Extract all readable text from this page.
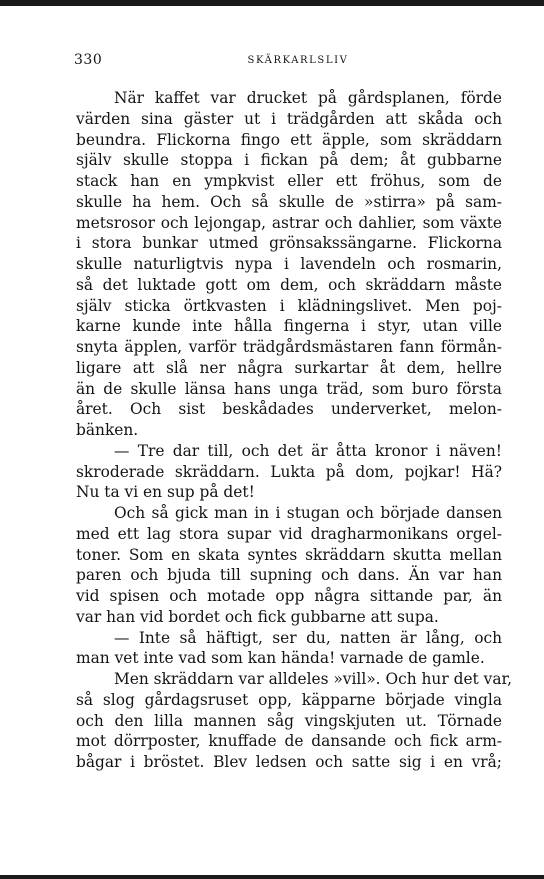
330	SKÄRKARLSLIV
När kaffet var drucket på gårdsplanen, förde
värden sina gäster ut i trädgården att skåda och
beundra. Flickorna fingo ett äpple, som skräddarn
själv skulle stoppa i fickan på dem; åt gubbarne
stack han en ympkvist eller ett fröhus, som de
skulle ha hem. Och så skulle de »stirra» på sam-
metsrosor och lejongap, astrar och dahlier, som växte
i stora bunkar utmed grönsakssängarne. Flickorna
skulle naturligtvis nypa i lavendeln och rosmarin,
så det luktade gott om dem, och skräddarn måste
själv sticka örtkvasten i klädningslivet. Men poj-
karne kunde inte hålla fingerna i styr, utan ville
snyta äpplen, varför trädgårdsmästaren fann förmån-
ligare att slå ner några surkartar åt dem, hellre
än de skulle länsa hans unga träd, som buro första
året. Och sist beskådades underverket, melon-
bänken.
— Tre dar till, och det är åtta kronor i näven!
skroderade skräddarn. Lukta på dom, pojkar! Hä?
Nu ta vi en sup på det!
Och så gick man in i stugan och började dansen
med ett lag stora supar vid dragharmonikans orgel-
toner. Som en skata syntes skräddarn skutta mellan
paren och bjuda till supning och dans. Än var han
vid spisen och motade opp några sittande par, än
var han vid bordet och fick gubbarne att supa.
— Inte så häftigt, ser du, natten är lång, och
man vet inte vad som kan hända! varnade de gamle.
Men skräddarn var alldeles »vill». Och hur det var,
så slog gårdagsruset opp, käpparne började vingla
och den lilla mannen såg vingskjuten ut. Törnade
mot dörrposter, knuffade de dansande och fick arm-
bågar i bröstet. Blev ledsen och satte sig i en vrå;
